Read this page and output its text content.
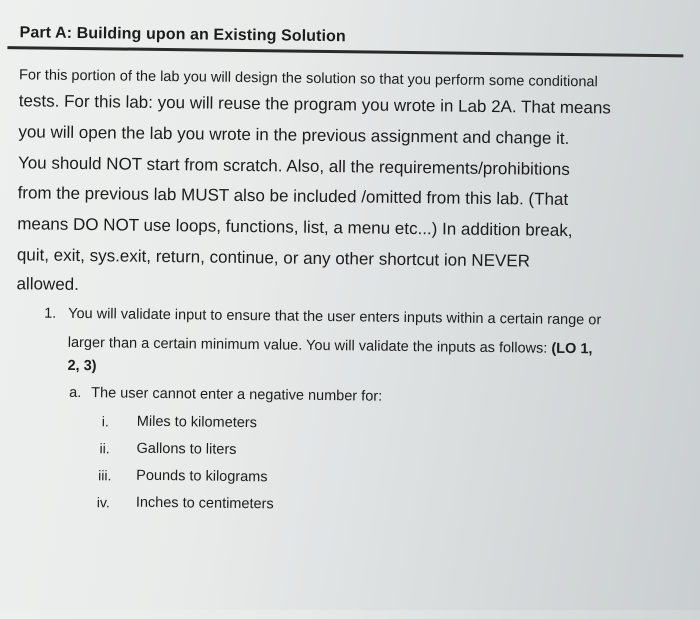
Part A: Building upon an Existing Solution
For this portion of the lab you will design the solution so that you perform some conditional
tests. For this lab: you will reuse the program you wrote in Lab 2A. That means
you will open the lab you wrote in the previous assignment and change it.
You should NOT start from scratch. Also, all the requirements/prohibitions
from the previous lab MUST also be included /omitted from this lab. (That
means DO NOT use loops, functions, list, a menu etc...) In addition break,
quit, exit, sys.exit, return, continue, or any other shortcut ion NEVER
allowed.
1. You will validate input to ensure that the user enters inputs within a certain range or
larger than a certain minimum value. You will validate the inputs as follows: (LO 1,
2, 3)
a. The user cannot enter a negative number for:
i. Miles to kilometers
ii. Gallons to liters
iii. Pounds to kilograms
iv. Inches to centimeters
